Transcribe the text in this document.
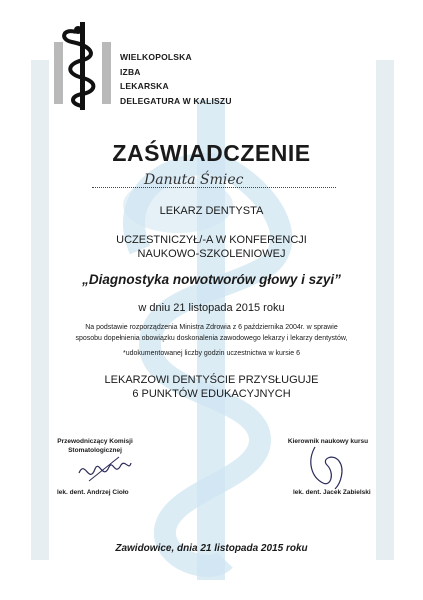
WIELKOPOLSKA
IZBA
LEKARSKA
DELEGATURA W KALISZU
ZAŚWIADCZENIE
Danuta Śmiec
LEKARZ DENTYSTA
UCZESTNICZYŁ/-A W KONFERENCJI
NAUKOWO-SZKOLENIOWEJ
„Diagnostyka nowotworów głowy i szyi”
w dniu 21 listopada 2015 roku
Na podstawie rozporządzenia Ministra Zdrowia z 6 października 2004r. w sprawie
sposobu dopełnienia obowiązku doskonalenia zawodowego lekarzy i lekarzy dentystów,
*udokumentowanej liczby godzin uczestnictwa w kursie 6
LEKARZOWI DENTYŚCIE PRZYSŁUGUJE
6 PUNKTÓW EDUKACYJNYCH
Przewodniczący Komisji
Stomatologicznej
lek. dent. Andrzej Cioło
Kierownik naukowy kursu
lek. dent. Jacek Zabielski
Zawidowice, dnia 21 listopada 2015 roku
